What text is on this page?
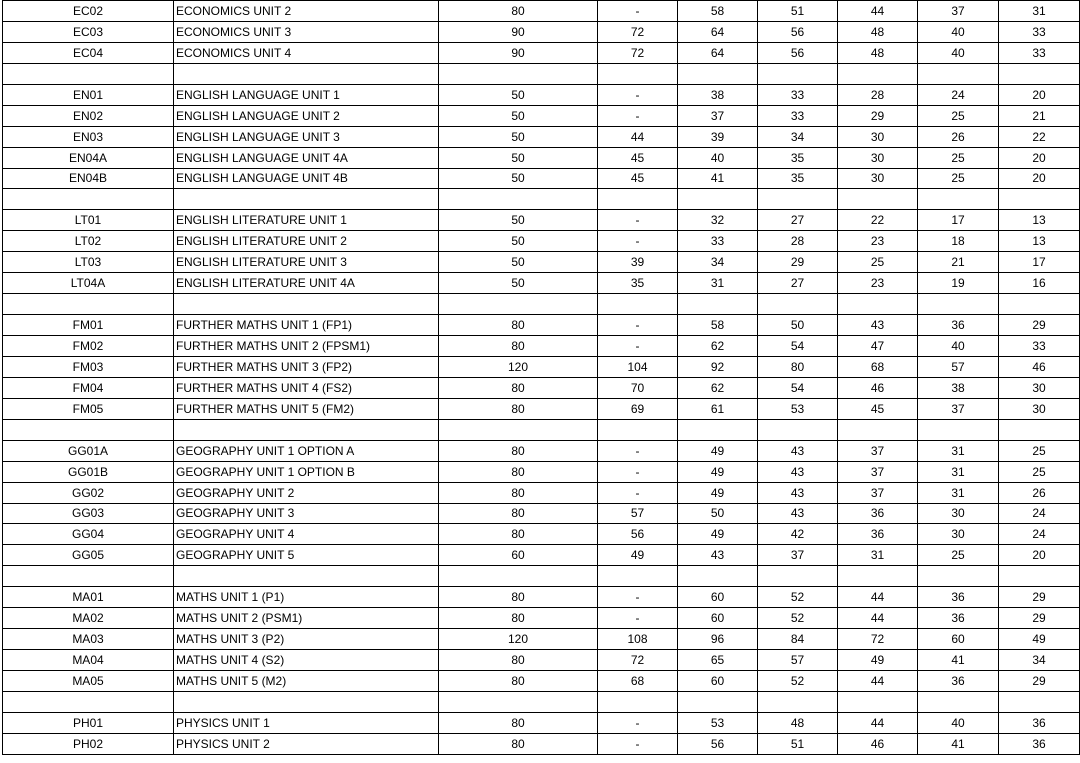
EC02	ECONOMICS UNIT 2	80	-	58	51	44	37	31
EC03	ECONOMICS UNIT 3	90	72	64	56	48	40	33
EC04	ECONOMICS UNIT 4	90	72	64	56	48	40	33

EN01	ENGLISH LANGUAGE UNIT 1	50	-	38	33	28	24	20
EN02	ENGLISH LANGUAGE UNIT 2	50	-	37	33	29	25	21
EN03	ENGLISH LANGUAGE UNIT 3	50	44	39	34	30	26	22
EN04A	ENGLISH LANGUAGE UNIT 4A	50	45	40	35	30	25	20
EN04B	ENGLISH LANGUAGE UNIT 4B	50	45	41	35	30	25	20

LT01	ENGLISH LITERATURE UNIT 1	50	-	32	27	22	17	13
LT02	ENGLISH LITERATURE UNIT 2	50	-	33	28	23	18	13
LT03	ENGLISH LITERATURE UNIT 3	50	39	34	29	25	21	17
LT04A	ENGLISH LITERATURE UNIT 4A	50	35	31	27	23	19	16

FM01	FURTHER MATHS UNIT 1 (FP1)	80	-	58	50	43	36	29
FM02	FURTHER MATHS UNIT 2 (FPSM1)	80	-	62	54	47	40	33
FM03	FURTHER MATHS UNIT 3 (FP2)	120	104	92	80	68	57	46
FM04	FURTHER MATHS UNIT 4 (FS2)	80	70	62	54	46	38	30
FM05	FURTHER MATHS UNIT 5 (FM2)	80	69	61	53	45	37	30

GG01A	GEOGRAPHY UNIT 1 OPTION A	80	-	49	43	37	31	25
GG01B	GEOGRAPHY UNIT 1 OPTION B	80	-	49	43	37	31	25
GG02	GEOGRAPHY UNIT 2	80	-	49	43	37	31	26
GG03	GEOGRAPHY UNIT 3	80	57	50	43	36	30	24
GG04	GEOGRAPHY UNIT 4	80	56	49	42	36	30	24
GG05	GEOGRAPHY UNIT 5	60	49	43	37	31	25	20

MA01	MATHS UNIT 1 (P1)	80	-	60	52	44	36	29
MA02	MATHS UNIT 2 (PSM1)	80	-	60	52	44	36	29
MA03	MATHS UNIT 3 (P2)	120	108	96	84	72	60	49
MA04	MATHS UNIT 4 (S2)	80	72	65	57	49	41	34
MA05	MATHS UNIT 5 (M2)	80	68	60	52	44	36	29

PH01	PHYSICS UNIT 1	80	-	53	48	44	40	36
PH02	PHYSICS UNIT 2	80	-	56	51	46	41	36
